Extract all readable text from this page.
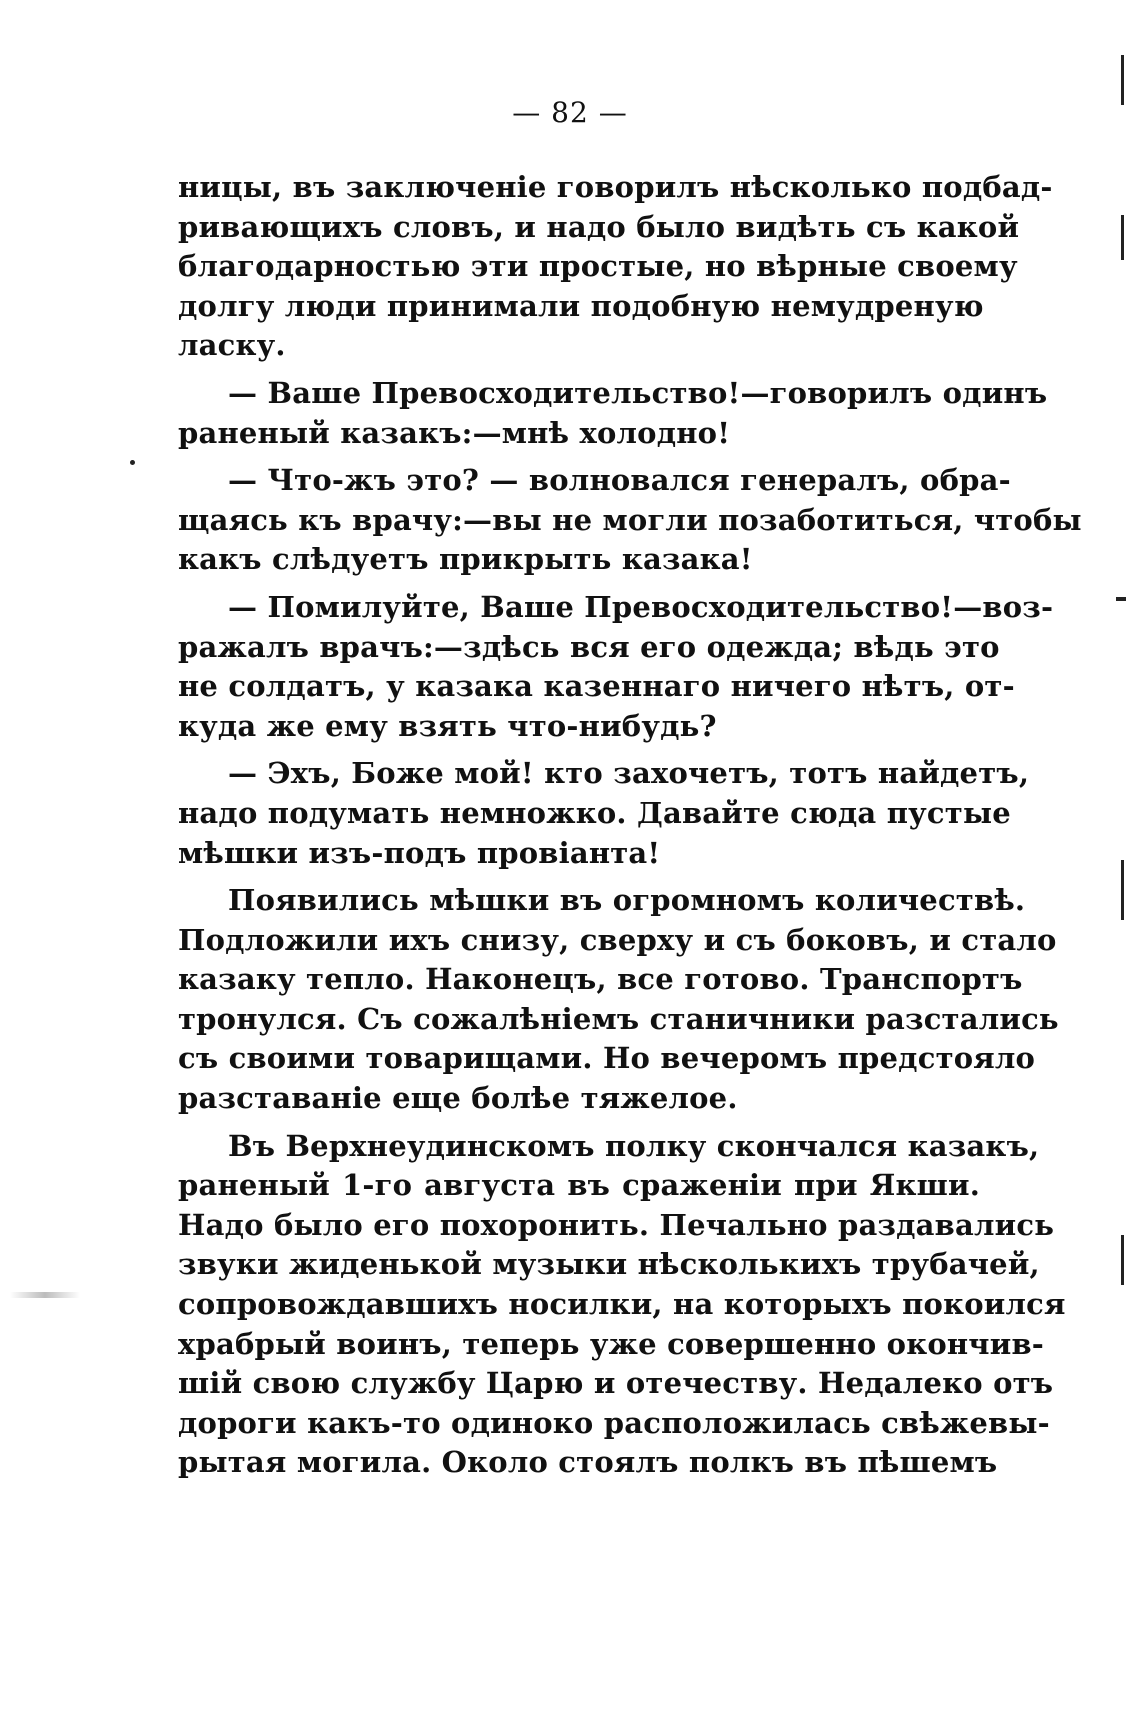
— 82 —
ницы, въ заключеніе говорилъ нѣсколько подбад-
ривающихъ словъ, и надо было видѣть съ какой
благодарностью эти простые, но вѣрные своему
долгу люди принимали подобную немудреную
ласку.
— Ваше Превосходительство!—говорилъ одинъ
раненый казакъ:—мнѣ холодно!
— Что-жъ это? — волновался генералъ, обра-
щаясь къ врачу:—вы не могли позаботиться, чтобы
какъ слѣдуетъ прикрыть казака!
— Помилуйте, Ваше Превосходительство!—воз-
ражалъ врачъ:—здѣсь вся его одежда; вѣдь это
не солдатъ, у казака казеннаго ничего нѣтъ, от-
куда же ему взять что-нибудь?
— Эхъ, Боже мой! кто захочетъ, тотъ найдетъ,
надо подумать немножко. Давайте сюда пустые
мѣшки изъ-подъ провіанта!
Появились мѣшки въ огромномъ количествѣ.
Подложили ихъ снизу, сверху и съ боковъ, и стало
казаку тепло. Наконецъ, все готово. Транспортъ
тронулся. Съ сожалѣніемъ станичники разстались
съ своими товарищами. Но вечеромъ предстояло
разставаніе еще болѣе тяжелое.
Въ Верхнеудинскомъ полку скончался казакъ,
раненый 1-го августа въ сраженіи при Якши.
Надо было его похоронить. Печально раздавались
звуки жиденькой музыки нѣсколькихъ трубачей,
сопровождавшихъ носилки, на которыхъ покоился
храбрый воинъ, теперь уже совершенно окончив-
шій свою службу Царю и отечеству. Недалеко отъ
дороги какъ-то одиноко расположилась свѣжевы-
рытая могила. Около стоялъ полкъ въ пѣшемъ
